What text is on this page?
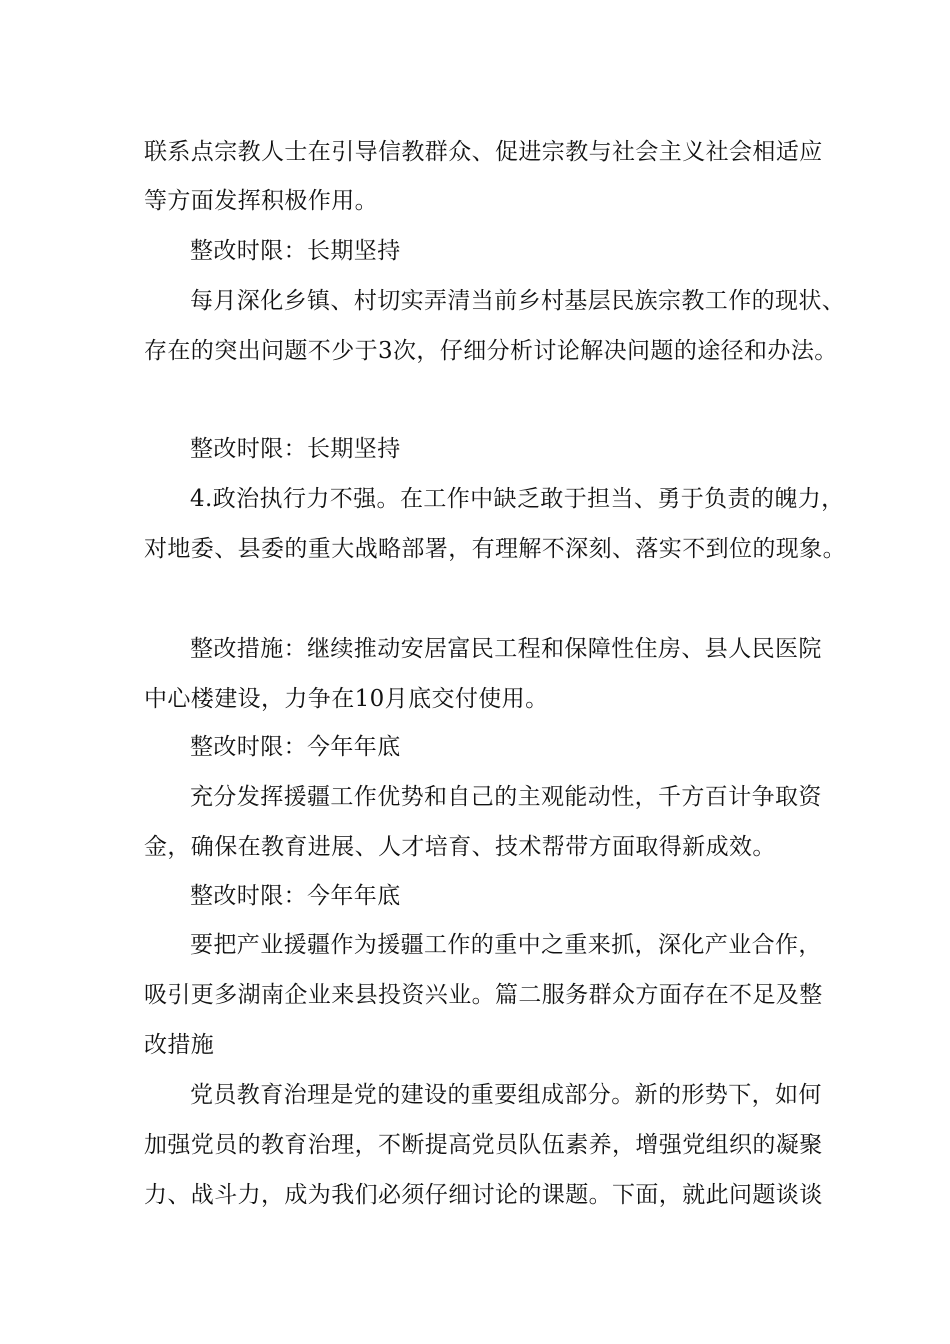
联系点宗教人士在引导信教群众、促进宗教与社会主义社会相适应
等方面发挥积极作用。
整改时限：长期坚持
每月深化乡镇、村切实弄清当前乡村基层民族宗教工作的现状、
存在的突出问题不少于3次，仔细分析讨论解决问题的途径和办法。
整改时限：长期坚持
4.政治执行力不强。在工作中缺乏敢于担当、勇于负责的魄力，
对地委、县委的重大战略部署，有理解不深刻、落实不到位的现象。
整改措施：继续推动安居富民工程和保障性住房、县人民医院
中心楼建设，力争在10月底交付使用。
整改时限：今年年底
充分发挥援疆工作优势和自己的主观能动性，千方百计争取资
金，确保在教育进展、人才培育、技术帮带方面取得新成效。
整改时限：今年年底
要把产业援疆作为援疆工作的重中之重来抓，深化产业合作，
吸引更多湖南企业来县投资兴业。篇二服务群众方面存在不足及整
改措施
党员教育治理是党的建设的重要组成部分。新的形势下，如何
加强党员的教育治理，不断提高党员队伍素养，增强党组织的凝聚
力、战斗力，成为我们必须仔细讨论的课题。下面，就此问题谈谈
